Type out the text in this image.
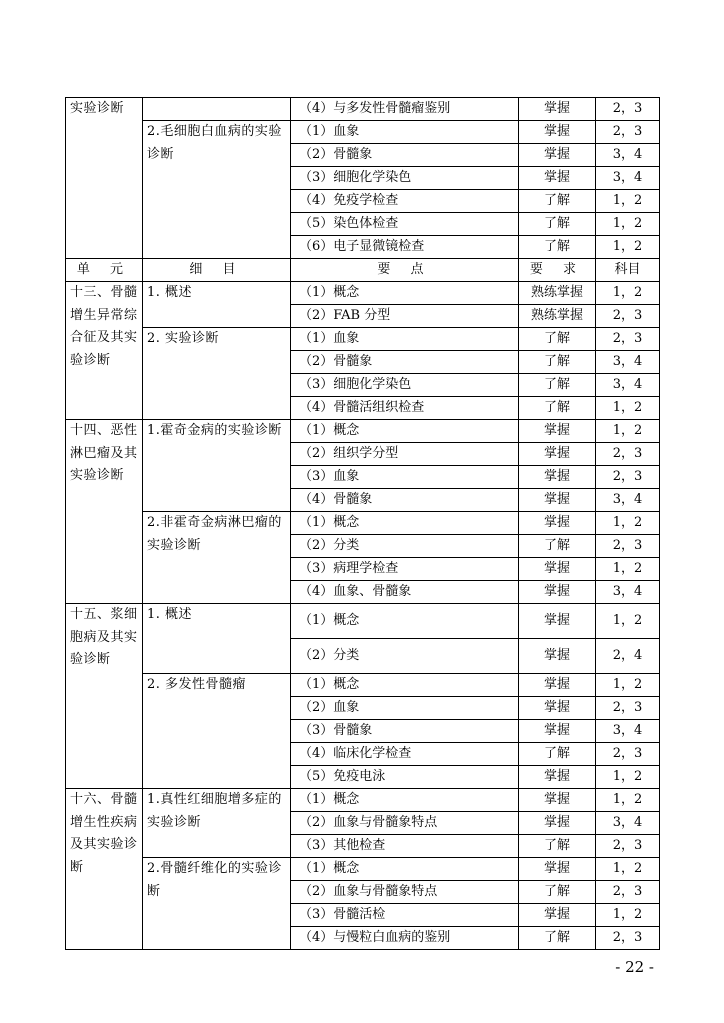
实验诊断		（4）与多发性骨髓瘤鉴别	掌握	2，3
	2.毛细胞白血病的实验诊断	（1）血象	掌握	2，3
		（2）骨髓象	掌握	3，4
		（3）细胞化学染色	掌握	3，4
		（4）免疫学检查	了解	1，2
		（5）染色体检查	了解	1，2
		（6）电子显微镜检查	了解	1，2
单 元	细 目	要 点	要 求	科目
十三、骨髓增生异常综合征及其实验诊断	1. 概述	（1）概念	熟练掌握	1，2
		（2）FAB 分型	熟练掌握	2，3
	2. 实验诊断	（1）血象	了解	2，3
		（2）骨髓象	了解	3，4
		（3）细胞化学染色	了解	3，4
		（4）骨髓活组织检查	了解	1，2
十四、恶性淋巴瘤及其实验诊断	1.霍奇金病的实验诊断	（1）概念	掌握	1，2
		（2）组织学分型	掌握	2，3
		（3）血象	掌握	2，3
		（4）骨髓象	掌握	3，4
	2.非霍奇金病淋巴瘤的实验诊断	（1）概念	掌握	1，2
		（2）分类	了解	2，3
		（3）病理学检查	掌握	1，2
		（4）血象、骨髓象	掌握	3，4
十五、浆细胞病及其实验诊断	1. 概述	（1）概念	掌握	1，2
		（2）分类	掌握	2，4
	2. 多发性骨髓瘤	（1）概念	掌握	1，2
		（2）血象	掌握	2，3
		（3）骨髓象	掌握	3，4
		（4）临床化学检查	了解	2，3
		（5）免疫电泳	掌握	1，2
十六、骨髓增生性疾病及其实验诊断	1.真性红细胞增多症的实验诊断	（1）概念	掌握	1，2
		（2）血象与骨髓象特点	掌握	3，4
		（3）其他检查	了解	2，3
	2.骨髓纤维化的实验诊断	（1）概念	掌握	1，2
		（2）血象与骨髓象特点	了解	2，3
		（3）骨髓活检	掌握	1，2
		（4）与慢粒白血病的鉴别	了解	2，3
- 22 -
